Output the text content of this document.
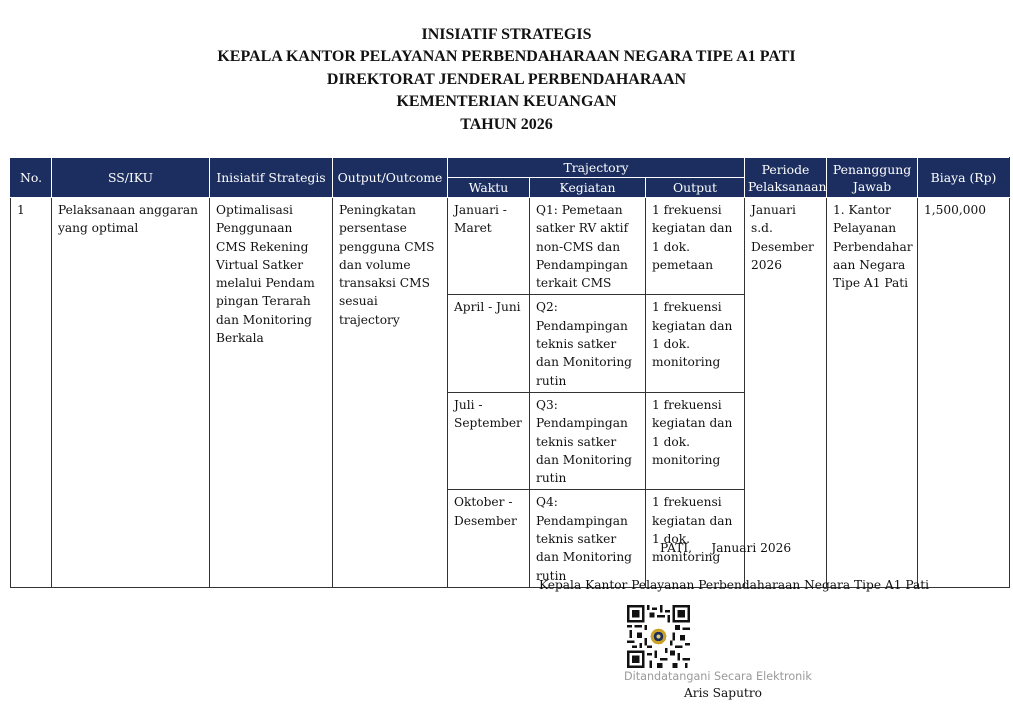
INISIATIF STRATEGIS
KEPALA KANTOR PELAYANAN PERBENDAHARAAN NEGARA TIPE A1 PATI
DIREKTORAT JENDERAL PERBENDAHARAAN
KEMENTERIAN KEUANGAN
TAHUN 2026
No.	SS/IKU	Inisiatif Strategis	Output/Outcome	Trajectory			Periode Pelaksanaan	Penanggung Jawab	Biaya (Rp)
				Waktu	Kegiatan	Output			
1	Pelaksanaan anggaran yang optimal	Optimalisasi Penggunaan CMS Rekening Virtual Satker melalui Pendam pingan Terarah dan Monitoring Berkala	Peningkatan persentase pengguna CMS dan volume transaksi CMS sesuai trajectory	Januari - Maret	Q1: Pemetaan satker RV aktif non-CMS dan Pendampingan terkait CMS	1 frekuensi kegiatan dan 1 dok. pemetaan	Januari s.d. Desember 2026	1. Kantor Pelayanan Perbendahar aan Negara Tipe A1 Pati	1,500,000
				April - Juni	Q2: Pendampingan teknis satker dan Monitoring rutin	1 frekuensi kegiatan dan 1 dok. monitoring			
				Juli - September	Q3: Pendampingan teknis satker dan Monitoring rutin	1 frekuensi kegiatan dan 1 dok. monitoring			
				Oktober - Desember	Q4: Pendampingan teknis satker dan Monitoring rutin	1 frekuensi kegiatan dan 1 dok. monitoring			
PATI,     Januari 2026
Kepala Kantor Pelayanan Perbendaharaan Negara Tipe A1 Pati
Ditandatangani Secara Elektronik
Aris Saputro
